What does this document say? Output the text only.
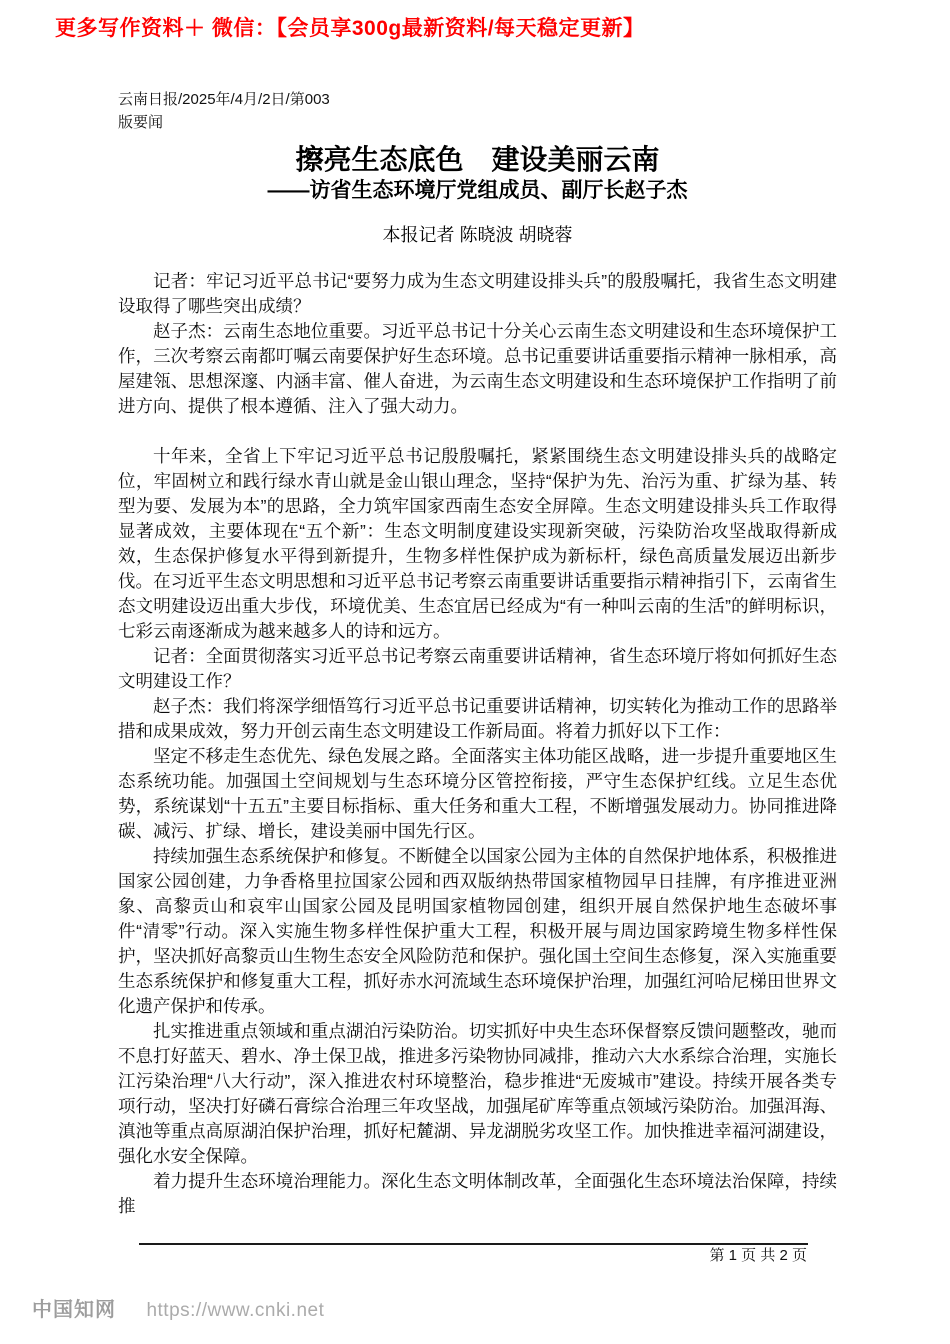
更多写作资料＋ 微信：【会员享300g最新资料/每天稳定更新】
云南日报/2025年/4月/2日/第003
版要闻
擦亮生态底色　建设美丽云南
——访省生态环境厅党组成员、副厅长赵子杰
本报记者 陈晓波 胡晓蓉

记者：牢记习近平总书记“要努力成为生态文明建设排头兵”的殷殷嘱托，我省生态文明建设取得了哪些突出成绩？

赵子杰：云南生态地位重要。习近平总书记十分关心云南生态文明建设和生态环境保护工作，三次考察云南都叮嘱云南要保护好生态环境。总书记重要讲话重要指示精神一脉相承，高屋建瓴、思想深邃、内涵丰富、催人奋进，为云南生态文明建设和生态环境保护工作指明了前进方向、提供了根本遵循、注入了强大动力。

十年来，全省上下牢记习近平总书记殷殷嘱托，紧紧围绕生态文明建设排头兵的战略定位，牢固树立和践行绿水青山就是金山银山理念，坚持“保护为先、治污为重、扩绿为基、转型为要、发展为本”的思路，全力筑牢国家西南生态安全屏障。生态文明建设排头兵工作取得显著成效，主要体现在“五个新”：生态文明制度建设实现新突破，污染防治攻坚战取得新成效，生态保护修复水平得到新提升，生物多样性保护成为新标杆，绿色高质量发展迈出新步伐。在习近平生态文明思想和习近平总书记考察云南重要讲话重要指示精神指引下，云南省生态文明建设迈出重大步伐，环境优美、生态宜居已经成为“有一种叫云南的生活”的鲜明标识，七彩云南逐渐成为越来越多人的诗和远方。

记者：全面贯彻落实习近平总书记考察云南重要讲话精神，省生态环境厅将如何抓好生态文明建设工作？

赵子杰：我们将深学细悟笃行习近平总书记重要讲话精神，切实转化为推动工作的思路举措和成果成效，努力开创云南生态文明建设工作新局面。将着力抓好以下工作：

坚定不移走生态优先、绿色发展之路。全面落实主体功能区战略，进一步提升重要地区生态系统功能。加强国土空间规划与生态环境分区管控衔接，严守生态保护红线。立足生态优势，系统谋划“十五五”主要目标指标、重大任务和重大工程，不断增强发展动力。协同推进降碳、减污、扩绿、增长，建设美丽中国先行区。

持续加强生态系统保护和修复。不断健全以国家公园为主体的自然保护地体系，积极推进国家公园创建，力争香格里拉国家公园和西双版纳热带国家植物园早日挂牌，有序推进亚洲象、高黎贡山和哀牢山国家公园及昆明国家植物园创建，组织开展自然保护地生态破坏事件“清零”行动。深入实施生物多样性保护重大工程，积极开展与周边国家跨境生物多样性保护，坚决抓好高黎贡山生物生态安全风险防范和保护。强化国土空间生态修复，深入实施重要生态系统保护和修复重大工程，抓好赤水河流域生态环境保护治理，加强红河哈尼梯田世界文化遗产保护和传承。

扎实推进重点领域和重点湖泊污染防治。切实抓好中央生态环保督察反馈问题整改，驰而不息打好蓝天、碧水、净土保卫战，推进多污染物协同减排，推动六大水系综合治理，实施长江污染治理“八大行动”，深入推进农村环境整治，稳步推进“无废城市”建设。持续开展各类专项行动，坚决打好磷石膏综合治理三年攻坚战，加强尾矿库等重点领域污染防治。加强洱海、滇池等重点高原湖泊保护治理，抓好杞麓湖、异龙湖脱劣攻坚工作。加快推进幸福河湖建设，强化水安全保障。

着力提升生态环境治理能力。深化生态文明体制改革，全面强化生态环境法治保障，持续推

第 1 页 共 2 页
中国知网 https://www.cnki.net
